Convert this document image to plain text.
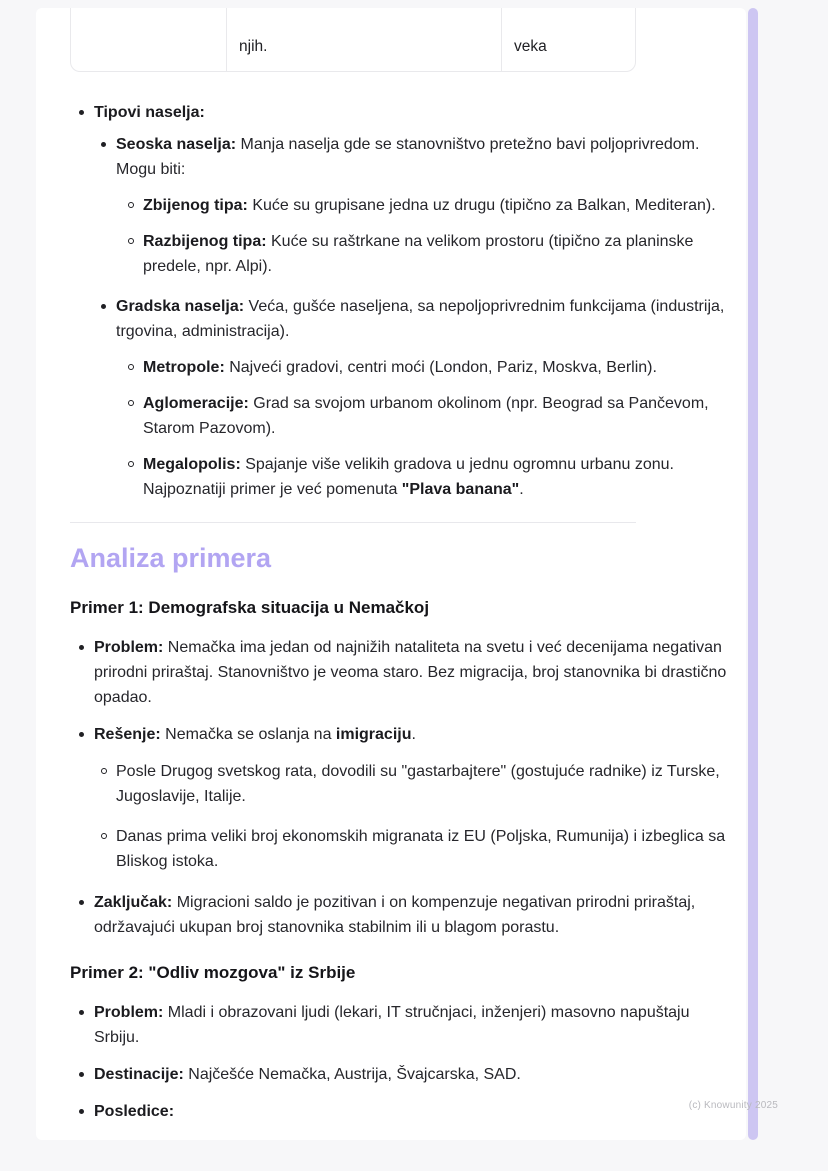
njih.	veka
Tipovi naselja:
Seoska naselja: Manja naselja gde se stanovništvo pretežno bavi poljoprivredom. Mogu biti:
Zbijenog tipa: Kuće su grupisane jedna uz drugu (tipično za Balkan, Mediteran).
Razbijenog tipa: Kuće su raštrkane na velikom prostoru (tipično za planinske predele, npr. Alpi).
Gradska naselja: Veća, gušće naseljena, sa nepoljoprivrednim funkcijama (industrija, trgovina, administracija).
Metropole: Najveći gradovi, centri moći (London, Pariz, Moskva, Berlin).
Aglomeracije: Grad sa svojom urbanom okolinom (npr. Beograd sa Pančevom, Starom Pazovom).
Megalopolis: Spajanje više velikih gradova u jednu ogromnu urbanu zonu. Najpoznatiji primer je već pomenuta "Plava banana".
Analiza primera
Primer 1: Demografska situacija u Nemačkoj
Problem: Nemačka ima jedan od najnižih nataliteta na svetu i već decenijama negativan prirodni priraštaj. Stanovništvo je veoma staro. Bez migracija, broj stanovnika bi drastično opadao.
Rešenje: Nemačka se oslanja na imigraciju.
Posle Drugog svetskog rata, dovodili su "gastarbajtere" (gostujuće radnike) iz Turske, Jugoslavije, Italije.
Danas prima veliki broj ekonomskih migranata iz EU (Poljska, Rumunija) i izbeglica sa Bliskog istoka.
Zaključak: Migracioni saldo je pozitivan i on kompenzuje negativan prirodni priraštaj, održavajući ukupan broj stanovnika stabilnim ili u blagom porastu.
Primer 2: "Odliv mozgova" iz Srbije
Problem: Mladi i obrazovani ljudi (lekari, IT stručnjaci, inženjeri) masovno napuštaju Srbiju.
Destinacije: Najčešće Nemačka, Austrija, Švajcarska, SAD.
Posledice:	(c) Knowunity 2025
